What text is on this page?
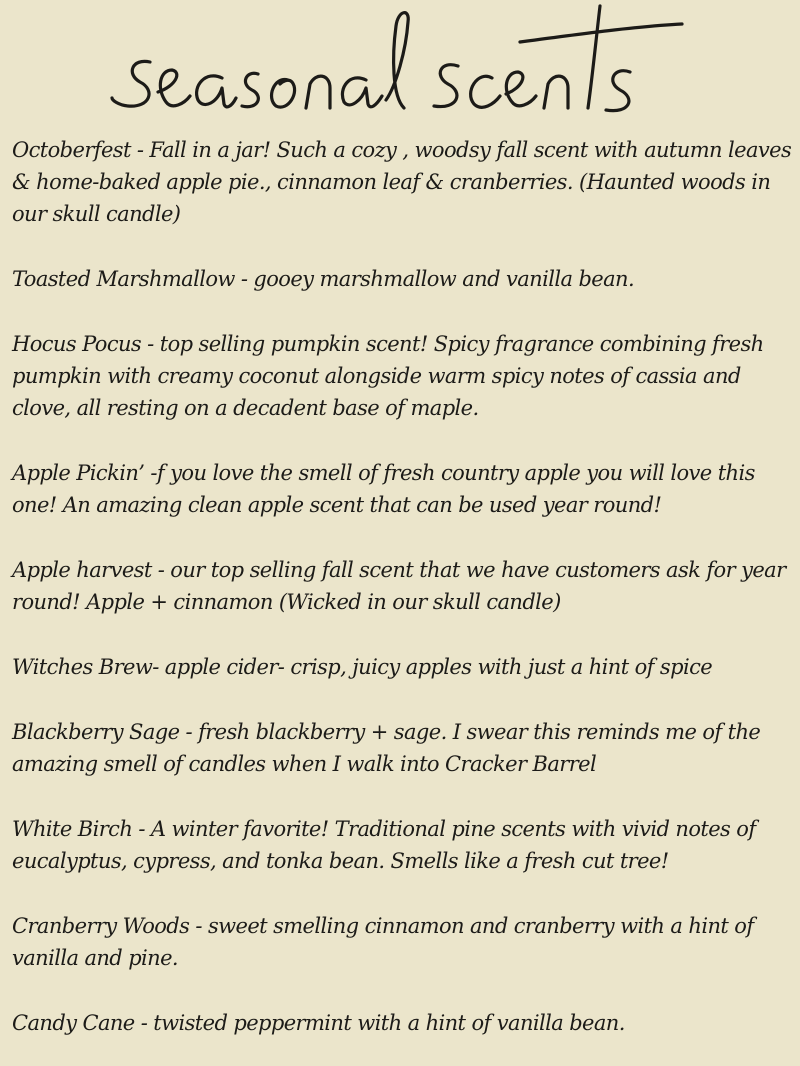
Octoberfest - Fall in a jar! Such a cozy , woodsy fall scent with autumn leaves & home-baked apple pie., cinnamon leaf & cranberries. (Haunted woods in our skull candle)
Toasted Marshmallow - gooey marshmallow and vanilla bean.
Hocus Pocus - top selling pumpkin scent! Spicy fragrance combining fresh pumpkin with creamy coconut alongside warm spicy notes of cassia and clove, all resting on a decadent base of maple.
Apple Pickin’ -f you love the smell of fresh country apple you will love this one! An amazing clean apple scent that can be used year round!
Apple harvest - our top selling fall scent that we have customers ask for year round! Apple + cinnamon (Wicked in our skull candle)
Witches Brew- apple cider- crisp, juicy apples with just a hint of spice
Blackberry Sage - fresh blackberry + sage. I swear this reminds me of the amazing smell of candles when I walk into Cracker Barrel
White Birch - A winter favorite! Traditional pine scents with vivid notes of eucalyptus, cypress, and tonka bean. Smells like a fresh cut tree!
Cranberry Woods - sweet smelling cinnamon and cranberry with a hint of vanilla and pine.
Candy Cane - twisted peppermint with a hint of vanilla bean.
